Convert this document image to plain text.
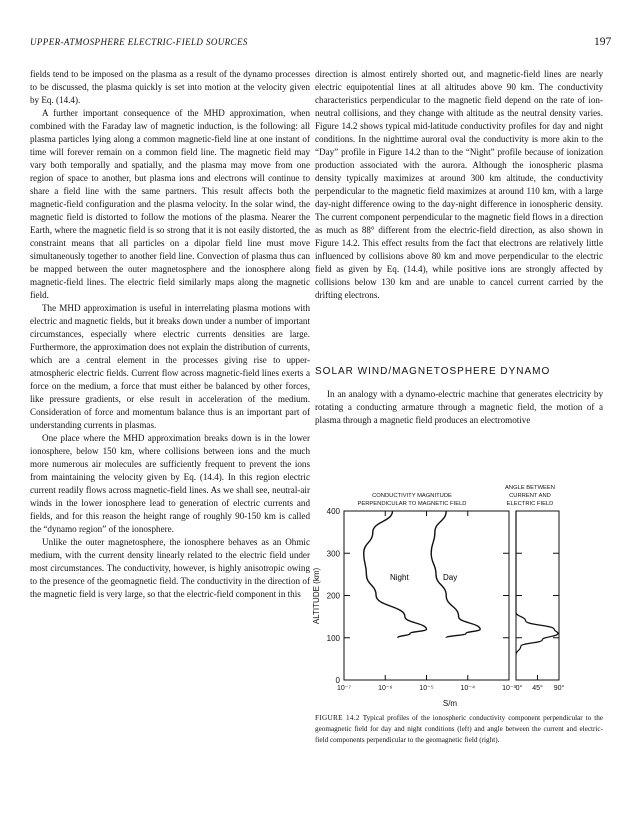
UPPER-ATMOSPHERE ELECTRIC-FIELD SOURCES	197

fields tend to be imposed on the plasma as a result of the dynamo processes to be discussed, the plasma quickly is set into motion at the velocity given by Eq. (14.4).

A further important consequence of the MHD approximation, when combined with the Faraday law of magnetic induction, is the following: all plasma particles lying along a common magnetic-field line at one instant of time will forever remain on a common field line. The magnetic field may vary both temporally and spatially, and the plasma may move from one region of space to another, but plasma ions and electrons will continue to share a field line with the same partners. This result affects both the magnetic-field configuration and the plasma velocity. In the solar wind, the magnetic field is distorted to follow the motions of the plasma. Nearer the Earth, where the magnetic field is so strong that it is not easily distorted, the constraint means that all particles on a dipolar field line must move simultaneously together to another field line. Convection of plasma thus can be mapped between the outer magnetosphere and the ionosphere along magnetic-field lines. The electric field similarly maps along the magnetic field.

The MHD approximation is useful in interrelating plasma motions with electric and magnetic fields, but it breaks down under a number of important circumstances, especially where electric currents densities are large. Furthermore, the approximation does not explain the distribution of currents, which are a central element in the processes giving rise to upper-atmospheric electric fields. Current flow across magnetic-field lines exerts a force on the medium, a force that must either be balanced by other forces, like pressure gradients, or else result in acceleration of the medium. Consideration of force and momentum balance thus is an important part of understanding currents in plasmas.

One place where the MHD approximation breaks down is in the lower ionosphere, below 150 km, where collisions between ions and the much more numerous air molecules are sufficiently frequent to prevent the ions from maintaining the velocity given by Eq. (14.4). In this region electric current readily flows across magnetic-field lines. As we shall see, neutral-air winds in the lower ionosphere lead to generation of electric currents and fields, and for this reason the height range of roughly 90-150 km is called the “dynamo region” of the ionosphere.

Unlike the outer magnetosphere, the ionosphere behaves as an Ohmic medium, with the current density linearly related to the electric field under most circumstances. The conductivity, however, is highly anisotropic owing to the presence of the geomagnetic field. The conductivity in the direction of the magnetic field is very large, so that the electric-field component in this

direction is almost entirely shorted out, and magnetic-field lines are nearly electric equipotential lines at all altitudes above 90 km. The conductivity characteristics perpendicular to the magnetic field depend on the rate of ion-neutral collisions, and they change with altitude as the neutral density varies. Figure 14.2 shows typical mid-latitude conductivity profiles for day and night conditions. In the nighttime auroral oval the conductivity is more akin to the “Day” profile in Figure 14.2 than to the “Night” profile because of ionization production associated with the aurora. Although the ionospheric plasma density typically maximizes at around 300 km altitude, the conductivity perpendicular to the magnetic field maximizes at around 110 km, with a large day-night difference owing to the day-night difference in ionospheric density. The current component perpendicular to the magnetic field flows in a direction as much as 88° different from the electric-field direction, as also shown in Figure 14.2. This effect results from the fact that electrons are relatively little influenced by collisions above 80 km and move perpendicular to the electric field as given by Eq. (14.4), while positive ions are strongly affected by collisions below 130 km and are unable to cancel current carried by the drifting electrons.

SOLAR WIND/MAGNETOSPHERE DYNAMO

In an analogy with a dynamo-electric machine that generates electricity by rotating a conducting armature through a magnetic field, the motion of a plasma through a magnetic field produces an electromotive

CONDUCTIVITY MAGNITUDE
PERPENDICULAR TO MAGNETIC FIELD
ANGLE BETWEEN
CURRENT AND
ELECTRIC FIELD
ALTITUDE (km)
S/m
400
300
200
100
0
10⁻⁷	10⁻⁶	10⁻⁵	10⁻⁴	10⁻³ 0° 45° 90°
Night	Day
FIGURE 14.2 Typical profiles of the ionospheric conductivity component perpendicular to the geomagnetic field for day and night conditions (left) and angle between the current and electric-field components perpendicular to the geomagnetic field (right).
